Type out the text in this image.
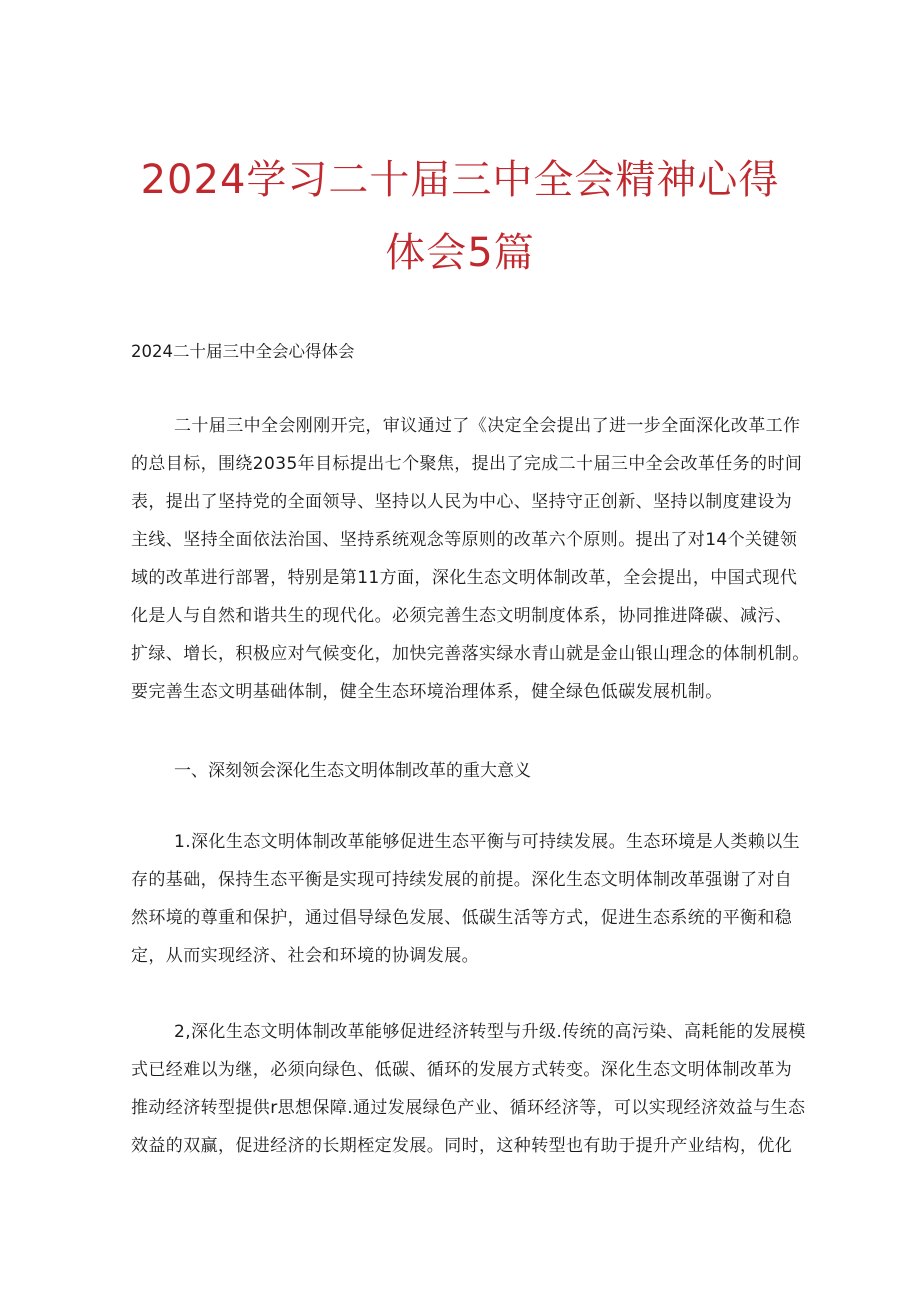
2024学习二十届三中全会精神心得
体会5篇
2024二十届三中全会心得体会
二十届三中全会刚刚开完，审议通过了《决定全会提出了进一步全面深化改革工作
的总目标，围绕2035年目标提出七个聚焦，提出了完成二十届三中全会改革任务的时间
表，提出了坚持党的全面领导、坚持以人民为中心、坚持守正创新、坚持以制度建设为
主线、坚持全面依法治国、坚持系统观念等原则的改革六个原则。提出了对14个关键领
域的改革进行部署，特别是第11方面，深化生态文明体制改革，全会提出，中国式现代
化是人与自然和谐共生的现代化。必须完善生态文明制度体系，协同推进降碳、减污、
扩绿、增长，积极应对气候变化，加快完善落实绿水青山就是金山银山理念的体制机制。
要完善生态文明基础体制，健全生态环境治理体系，健全绿色低碳发展机制。
一、深刻领会深化生态文明体制改革的重大意义
1.深化生态文明体制改革能够促进生态平衡与可持续发展。生态环境是人类赖以生
存的基础，保持生态平衡是实现可持续发展的前提。深化生态文明体制改革强谢了对自
然环境的尊重和保护，通过倡导绿色发展、低碳生活等方式，促进生态系统的平衡和稳
定，从而实现经济、社会和环境的协调发展。
2,深化生态文明体制改革能够促进经济转型与升级.传统的高污染、高耗能的发展模
式已经难以为继，必须向绿色、低碳、循环的发展方式转变。深化生态文明体制改革为
推动经济转型提供r思想保障.通过发展绿色产业、循环经济等，可以实现经济效益与生态
效益的双赢，促进经济的长期桎定发展。同时，这种转型也有助于提升产业结构，优化
